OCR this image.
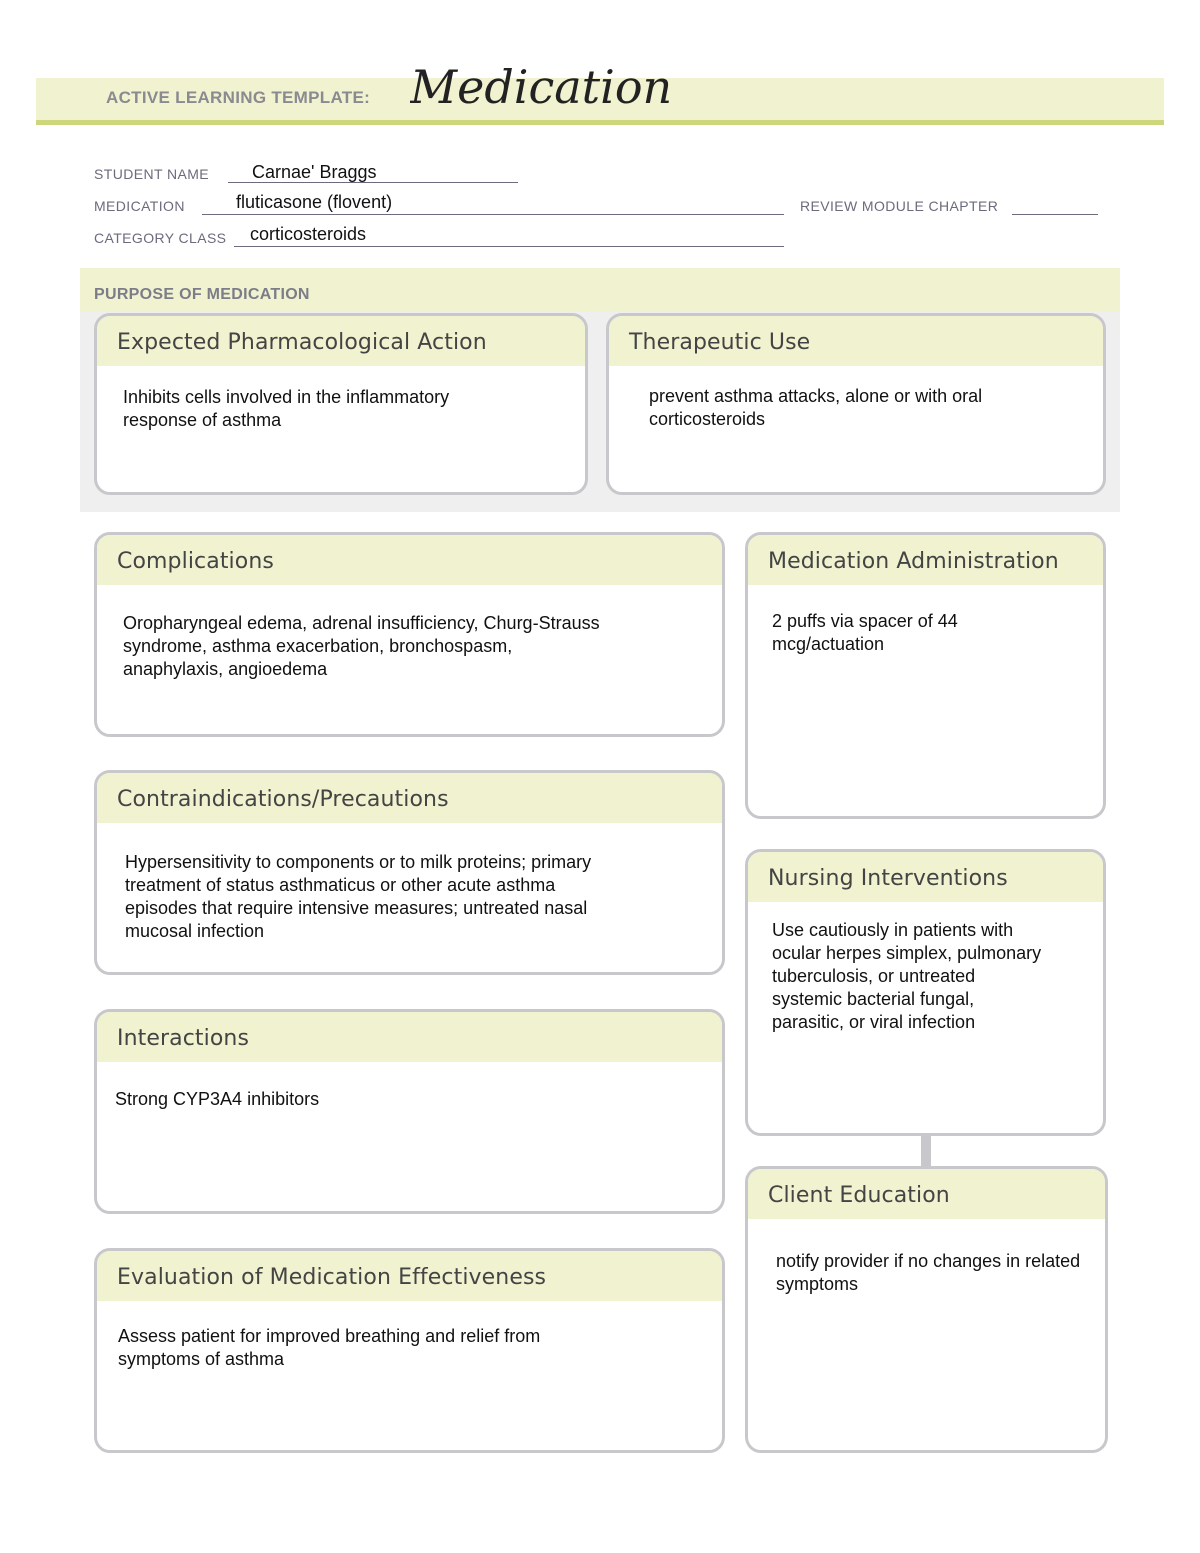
ACTIVE LEARNING TEMPLATE: Medication
STUDENT NAME Carnae' Braggs
MEDICATION	fluticasone (flovent)	REVIEW MODULE CHAPTER
CATEGORY CLASS corticosteroids
PURPOSE OF MEDICATION
Expected Pharmacological Action
Inhibits cells involved in the inflammatory
response of asthma
Therapeutic Use
prevent asthma attacks, alone or with oral
corticosteroids
Complications
Oropharyngeal edema, adrenal insufficiency, Churg-Strauss
syndrome, asthma exacerbation, bronchospasm,
anaphylaxis, angioedema
Medication Administration
2 puffs via spacer of 44
mcg/actuation
Contraindications/Precautions
Hypersensitivity to components or to milk proteins; primary
treatment of status asthmaticus or other acute asthma
episodes that require intensive measures; untreated nasal
mucosal infection
Nursing Interventions
Use cautiously in patients with
ocular herpes simplex, pulmonary
tuberculosis, or untreated
systemic bacterial fungal,
parasitic, or viral infection
Interactions
Strong CYP3A4 inhibitors
Client Education
notify provider if no changes in related
symptoms
Evaluation of Medication Effectiveness
Assess patient for improved breathing and relief from
symptoms of asthma
